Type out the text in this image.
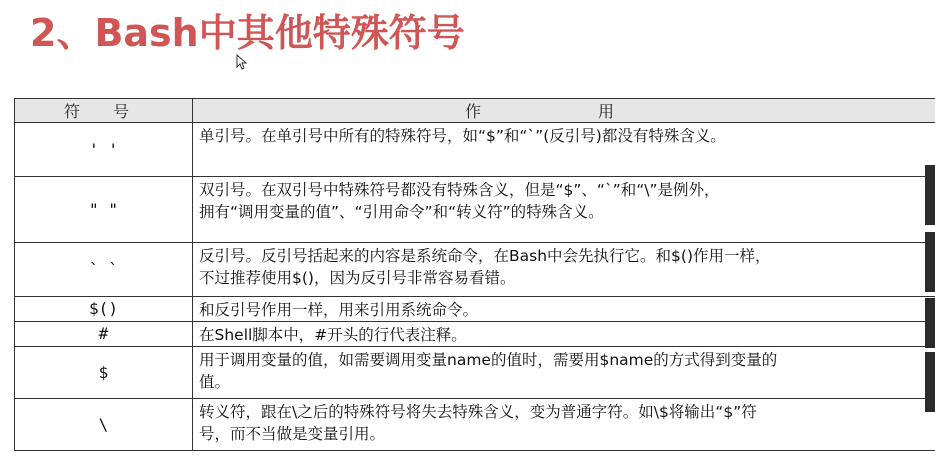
2、Bash中其他特殊符号
符 号	作 用
' '	单引号。在单引号中所有的特殊符号，如“$”和“`”(反引号)都没有特殊含义。
" "	双引号。在双引号中特殊符号都没有特殊含义，但是“$”、“`”和“\”是例外，
拥有“调用变量的值”、“引用命令”和“转义符”的特殊含义。
` `	反引号。反引号括起来的内容是系统命令，在Bash中会先执行它。和$()作用一样，
不过推荐使用$()，因为反引号非常容易看错。
$()	和反引号作用一样，用来引用系统命令。
#	在Shell脚本中，#开头的行代表注释。
$	用于调用变量的值，如需要调用变量name的值时，需要用$name的方式得到变量的
值。
\	转义符，跟在\之后的特殊符号将失去特殊含义，变为普通字符。如\$将输出“$”符
号，而不当做是变量引用。
